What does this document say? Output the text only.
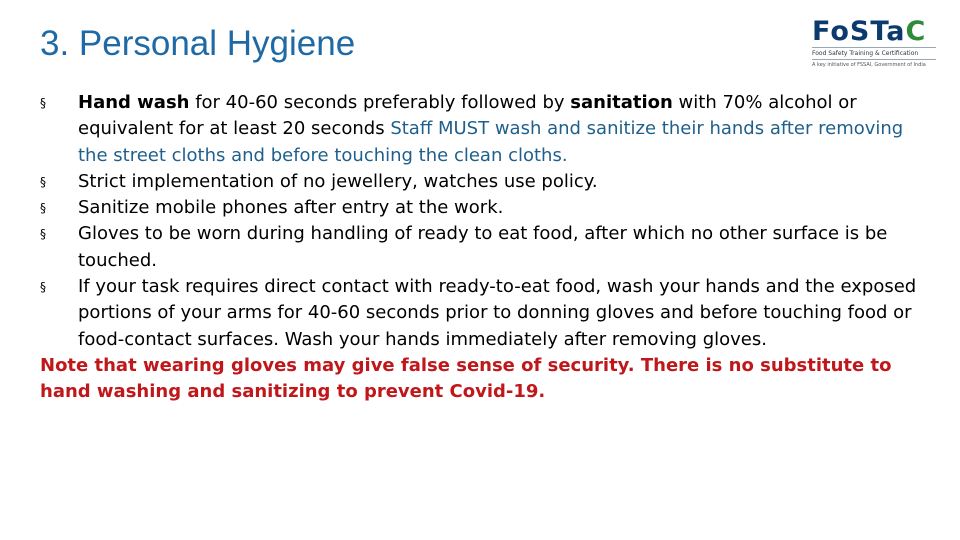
3. Personal Hygiene	FoSTaC
Food Safety Training & Certification
A key initiative of FSSAI, Government of India
§	Hand wash for 40-60 seconds preferably followed by sanitation with 70% alcohol or equivalent for at least 20 seconds Staff MUST wash and sanitize their hands after removing the street cloths and before touching the clean cloths.
§	Strict implementation of no jewellery, watches use policy.
§	Sanitize mobile phones after entry at the work.
§	Gloves to be worn during handling of ready to eat food, after which no other surface is be touched.
§	If your task requires direct contact with ready-to-eat food, wash your hands and the exposed portions of your arms for 40-60 seconds prior to donning gloves and before touching food or food-contact surfaces. Wash your hands immediately after removing gloves.
Note that wearing gloves may give false sense of security. There is no substitute to hand washing and sanitizing to prevent Covid-19.
